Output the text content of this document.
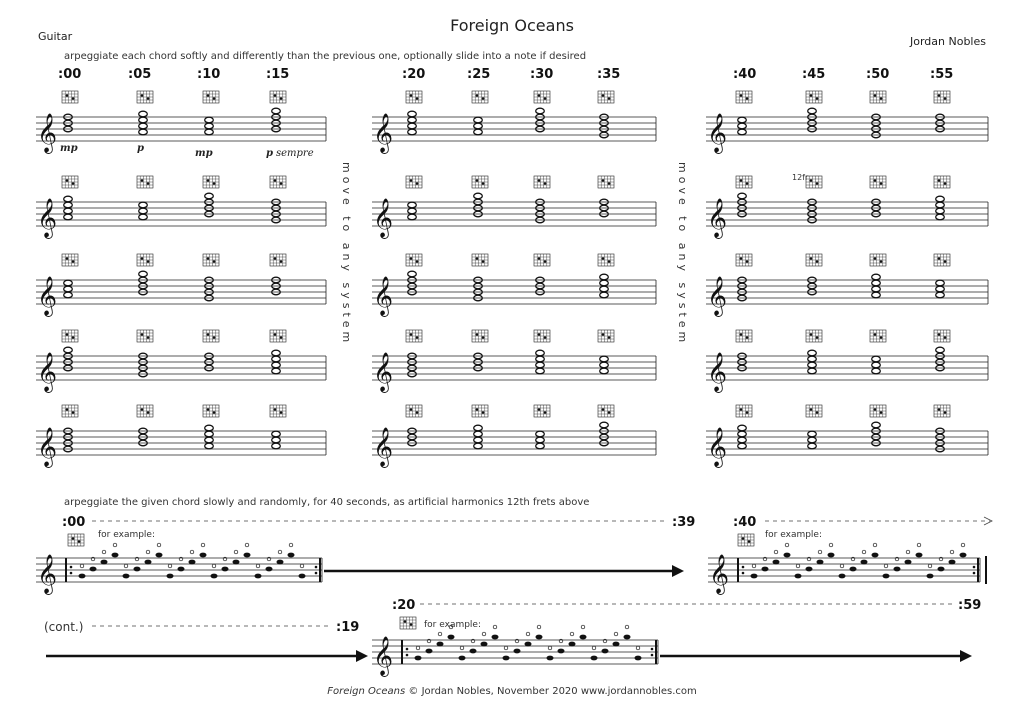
Foreign Oceans
Guitar	Jordan Nobles
arpeggiate each chord softly and differently than the previous one, optionally slide into a note if desired
:00	:05	:10	:15	:20	:25	:30	:35	:40	:45	:50	:55
mp	p	mp	p sempre
move to any system	move to any system	12fr
arpeggiate the given chord slowly and randomly, for 40 seconds, as artificial harmonics 12th frets above
:00	:39	:40
:20	:59
:19
(cont.)
for example:	for example:
for example:
Foreign Oceans © Jordan Nobles, November 2020 www.jordannobles.com
𝄞
𝄞
𝄞
𝄞
𝄞
𝄞
𝄞
𝄞
𝄞
𝄞
𝄞
𝄞
𝄞
𝄞
𝄞
𝄞	𝄞
𝄞
